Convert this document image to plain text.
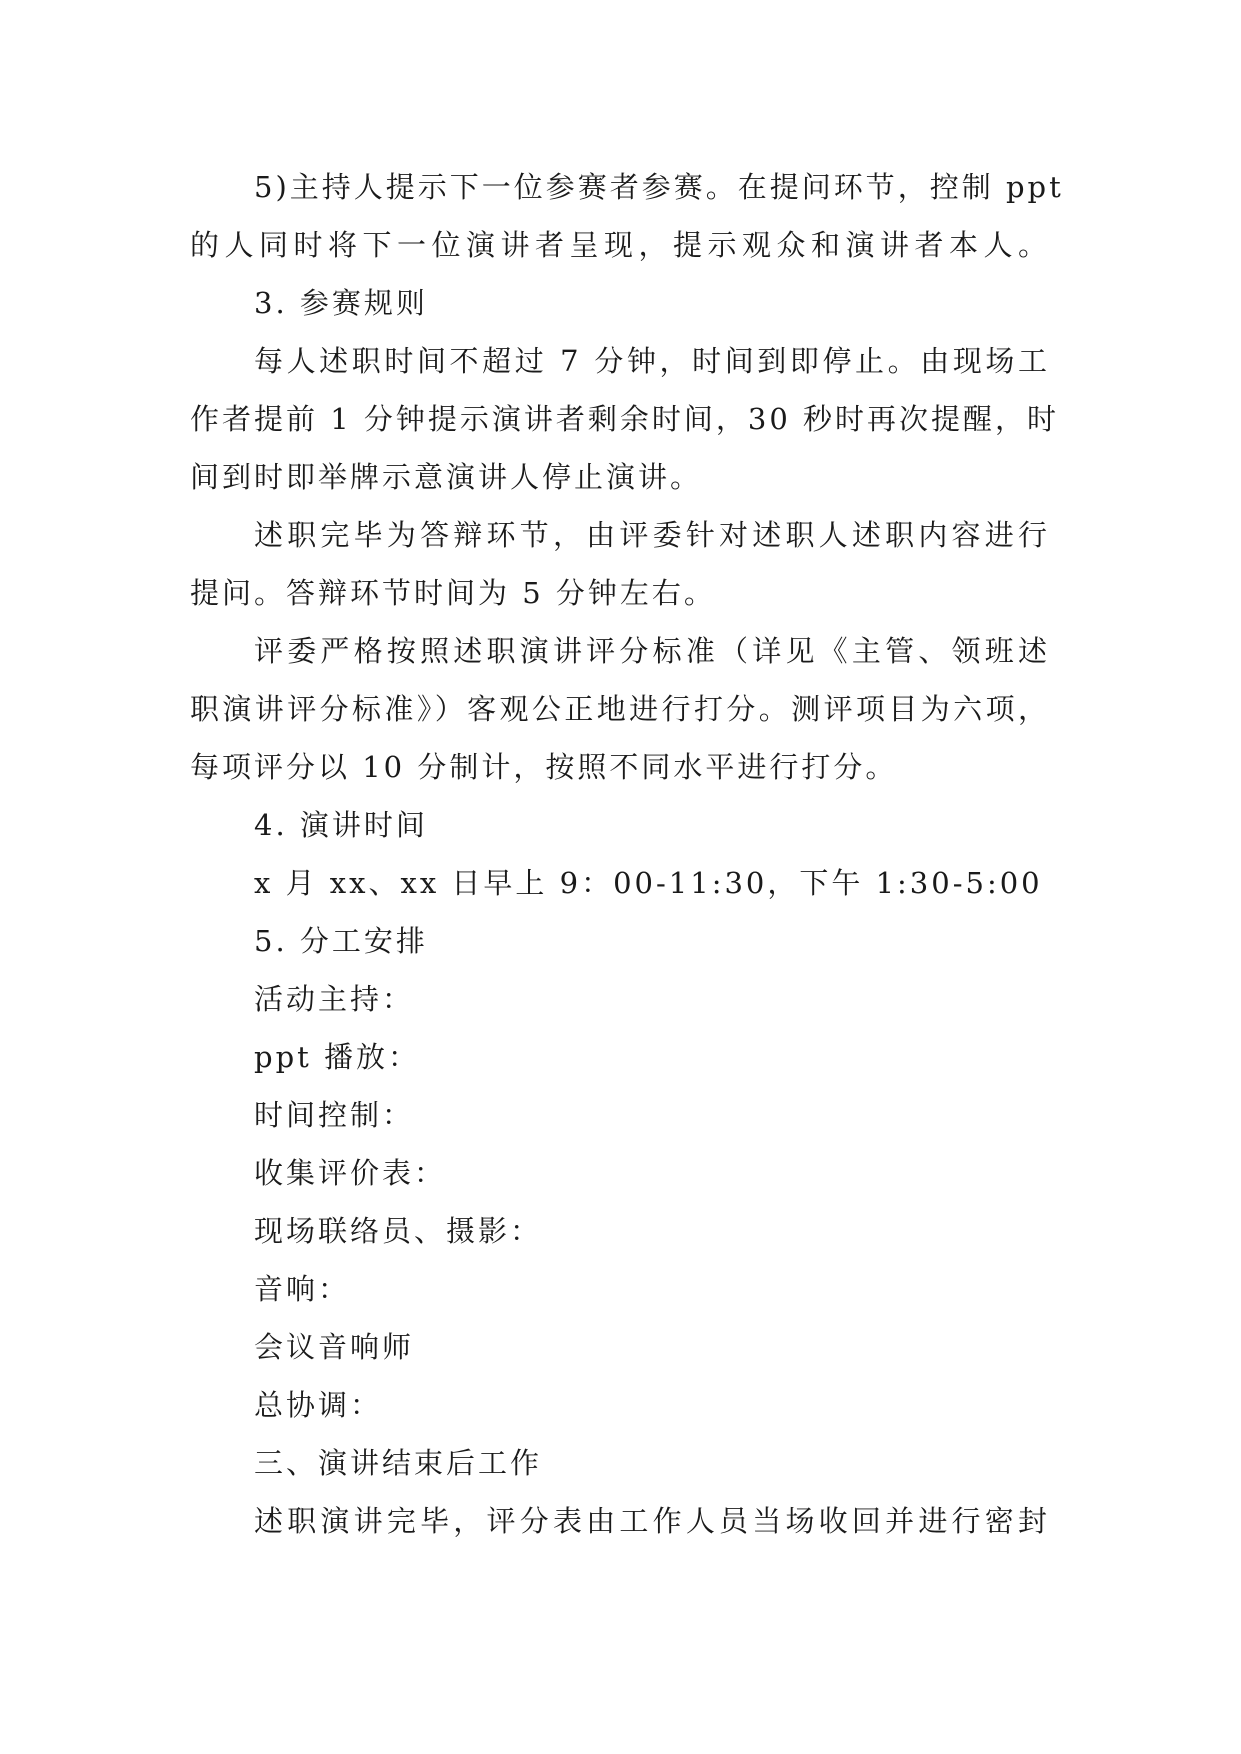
5)主持人提示下一位参赛者参赛。在提问环节，控制 ppt
的人同时将下一位演讲者呈现，提示观众和演讲者本人。
3. 参赛规则
每人述职时间不超过 7 分钟，时间到即停止。由现场工
作者提前 1 分钟提示演讲者剩余时间，30 秒时再次提醒，时
间到时即举牌示意演讲人停止演讲。
述职完毕为答辩环节，由评委针对述职人述职内容进行
提问。答辩环节时间为 5 分钟左右。
评委严格按照述职演讲评分标准（详见《主管、领班述
职演讲评分标准》）客观公正地进行打分。测评项目为六项，
每项评分以 10 分制计，按照不同水平进行打分。
4. 演讲时间
x 月 xx、xx 日早上 9：00-11:30，下午 1:30-5:00
5. 分工安排
活动主持：
ppt 播放：
时间控制：
收集评价表：
现场联络员、摄影：
音响：
会议音响师
总协调：
三、演讲结束后工作
述职演讲完毕，评分表由工作人员当场收回并进行密封
